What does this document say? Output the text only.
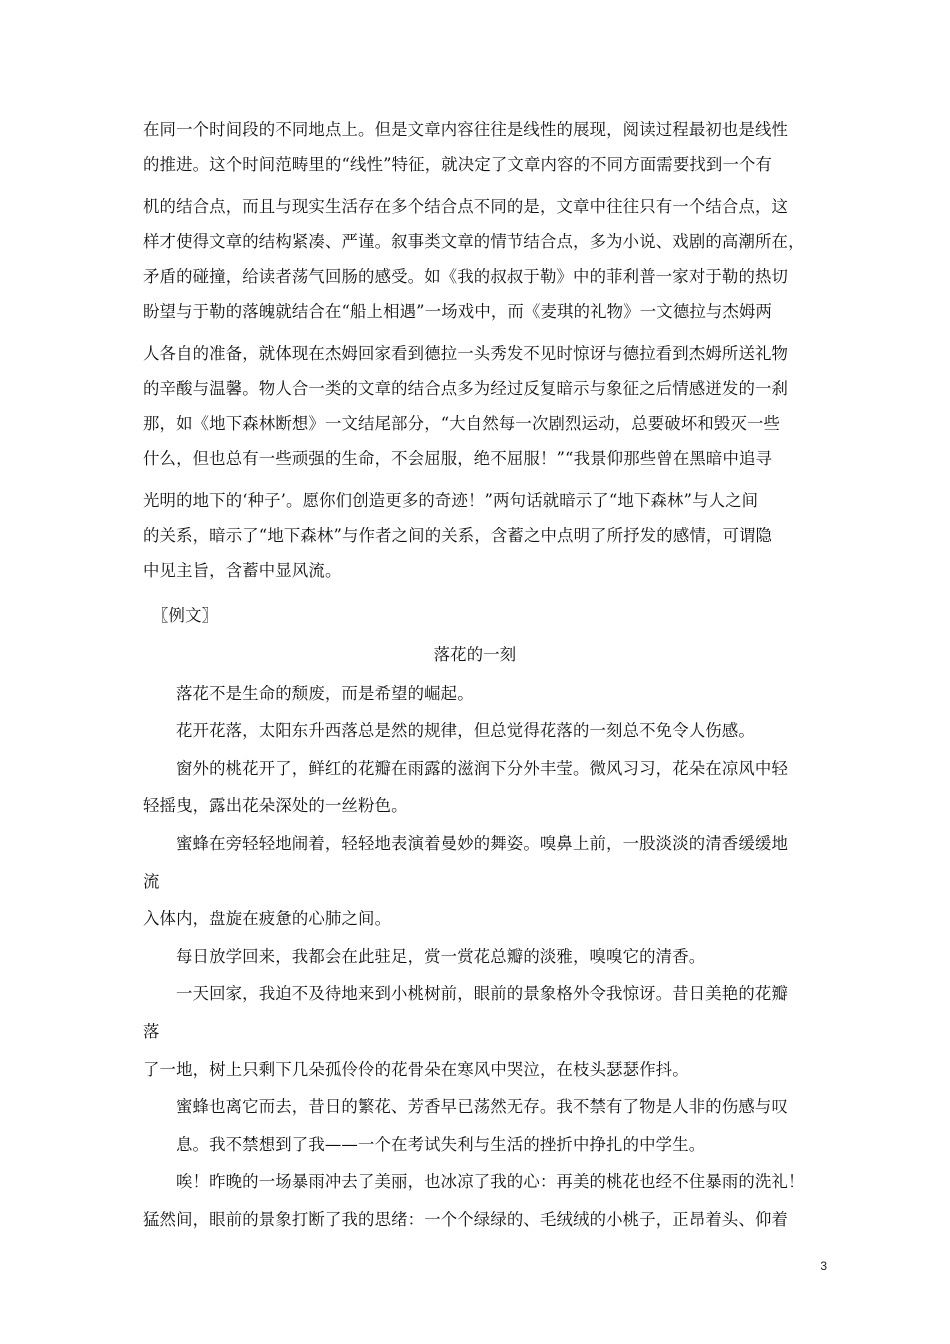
在同一个时间段的不同地点上。但是文章内容往往是线性的展现，阅读过程最初也是线性
的推进。这个时间范畴里的“线性”特征，就决定了文章内容的不同方面需要找到一个有
机的结合点，而且与现实生活存在多个结合点不同的是，文章中往往只有一个结合点，这
样才使得文章的结构紧凑、严谨。叙事类文章的情节结合点，多为小说、戏剧的高潮所在，
矛盾的碰撞，给读者荡气回肠的感受。如《我的叔叔于勒》中的菲利普一家对于勒的热切
盼望与于勒的落魄就结合在“船上相遇”一场戏中，而《麦琪的礼物》一文德拉与杰姆两
人各自的准备，就体现在杰姆回家看到德拉一头秀发不见时惊讶与德拉看到杰姆所送礼物
的辛酸与温馨。物人合一类的文章的结合点多为经过反复暗示与象征之后情感迸发的一刹
那，如《地下森林断想》一文结尾部分，“大自然每一次剧烈运动，总要破坏和毁灭一些
什么，但也总有一些顽强的生命，不会屈服，绝不屈服！”“我景仰那些曾在黑暗中追寻
光明的地下的‘种子’。愿你们创造更多的奇迹！”两句话就暗示了“地下森林”与人之间
的关系，暗示了“地下森林”与作者之间的关系，含蓄之中点明了所抒发的感情，可谓隐
中见主旨，含蓄中显风流。
〖例文〗
落花的一刻
落花不是生命的颓废，而是希望的崛起。
花开花落，太阳东升西落总是然的规律，但总觉得花落的一刻总不免令人伤感。
窗外的桃花开了，鲜红的花瓣在雨露的滋润下分外丰莹。微风习习，花朵在凉风中轻
轻摇曳，露出花朵深处的一丝粉色。
蜜蜂在旁轻轻地闹着，轻轻地表演着曼妙的舞姿。嗅鼻上前，一股淡淡的清香缓缓地
流
入体内，盘旋在疲惫的心肺之间。
每日放学回来，我都会在此驻足，赏一赏花总瓣的淡雅，嗅嗅它的清香。
一天回家，我迫不及待地来到小桃树前，眼前的景象格外令我惊讶。昔日美艳的花瓣
落
了一地，树上只剩下几朵孤伶伶的花骨朵在寒风中哭泣，在枝头瑟瑟作抖。
蜜蜂也离它而去，昔日的繁花、芳香早已荡然无存。我不禁有了物是人非的伤感与叹
息。我不禁想到了我——一个在考试失利与生活的挫折中挣扎的中学生。
唉！昨晚的一场暴雨冲去了美丽，也冰凉了我的心：再美的桃花也经不住暴雨的洗礼！
猛然间，眼前的景象打断了我的思绪：一个个绿绿的、毛绒绒的小桃子，正昂着头、仰着
3
